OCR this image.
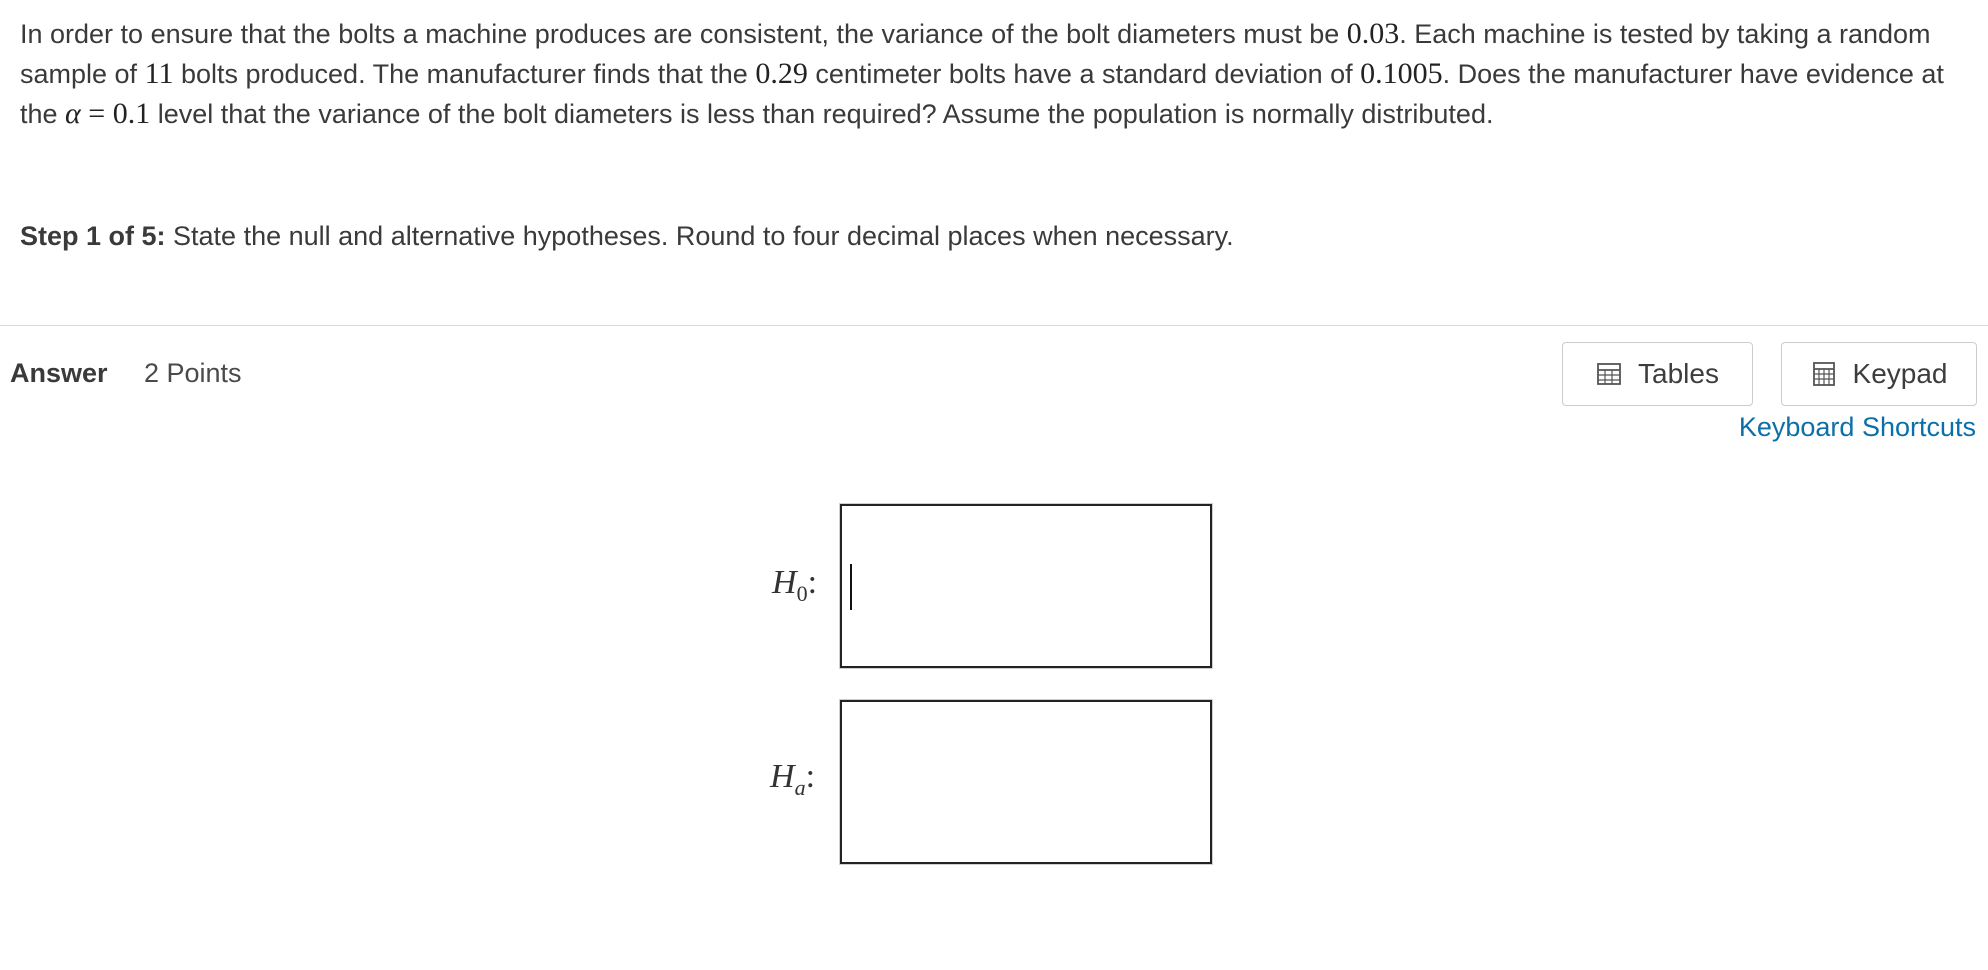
In order to ensure that the bolts a machine produces are consistent, the variance of the bolt diameters must be 0.03. Each machine is tested by taking a random sample of 11 bolts produced. The manufacturer finds that the 0.29 centimeter bolts have a standard deviation of 0.1005. Does the manufacturer have evidence at the α = 0.1 level that the variance of the bolt diameters is less than required? Assume the population is normally distributed.
Step 1 of 5: State the null and alternative hypotheses. Round to four decimal places when necessary.
Answer 2 Points	Tables	Keypad
Keyboard Shortcuts
$H_0$:
$H_a$:
